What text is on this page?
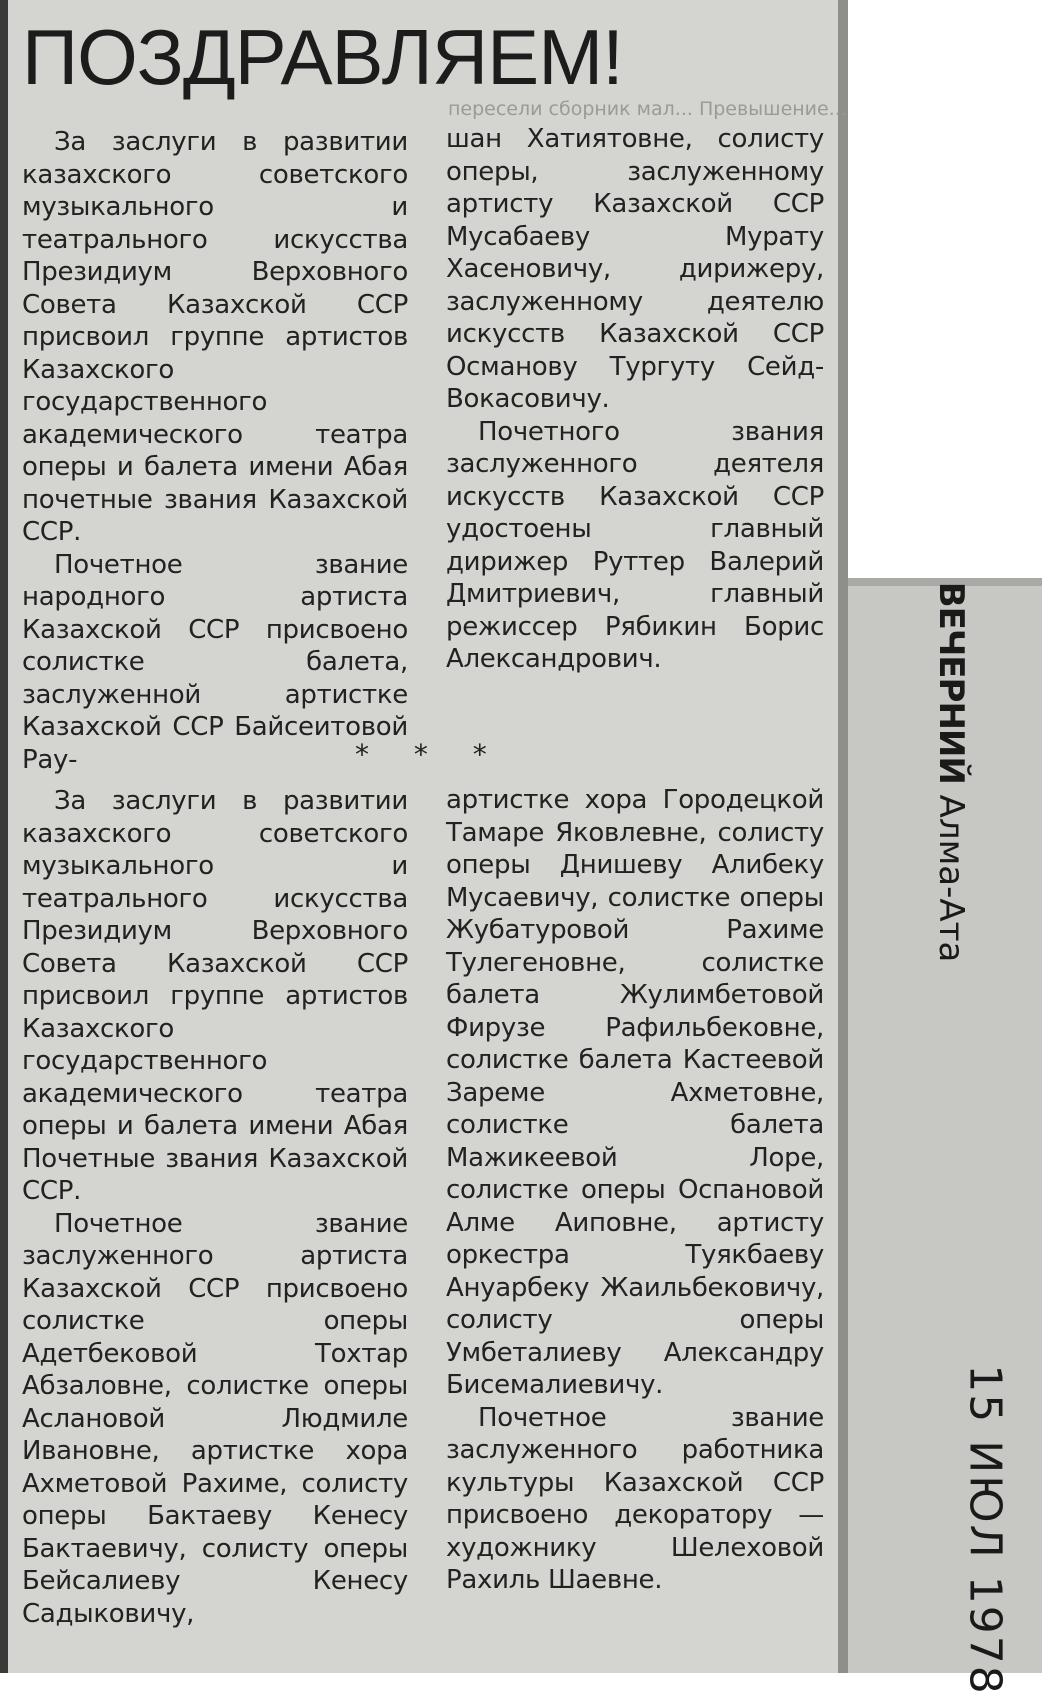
пересели сборник мал... Превышение...
ПОЗДРАВЛЯЕМ!

За заслуги в развитии казахского советского музыкального и театрального искусства Президиум Верховного Совета Казахской ССР присвоил группе артистов Казахского государственного академического театра оперы и балета имени Абая почетные звания Казахской ССР.

Почетное звание народного артиста Казахской ССР присвоено солистке балета, заслуженной артистке Казахской ССР Байсеитовой Рау-

шан Хатиятовне, солисту оперы, заслуженному артисту Казахской ССР Мусабаеву Мурату Хасеновичу, дирижеру, заслуженному деятелю искусств Казахской ССР Османову Тургуту Сейд-Вокасовичу.

Почетного звания заслуженного деятеля искусств Казахской ССР удостоены главный дирижер Руттер Валерий Дмитриевич, главный режиссер Рябикин Борис Александрович.

* * *

За заслуги в развитии казахского советского музыкального и театрального искусства Президиум Верховного Совета Казахской ССР присвоил группе артистов Казахского государственного академического театра оперы и балета имени Абая Почетные звания Казахской ССР.

Почетное звание заслуженного артиста Казахской ССР присвоено солистке оперы Адетбековой Тохтар Абзаловне, солистке оперы Аслановой Людмиле Ивановне, артистке хора Ахметовой Рахиме, солисту оперы Бактаеву Кенесу Бактаевичу, солисту оперы Бейсалиеву Кенесу Садыковичу,

артистке хора Городецкой Тамаре Яковлевне, солисту оперы Днишеву Алибеку Мусаевичу, солистке оперы Жубатуровой Рахиме Тулегеновне, солистке балета Жулимбетовой Фирузе Рафильбековне, солистке балета Кастеевой Зареме Ахметовне, солистке балета Мажикеевой Лоре, солистке оперы Оспановой Алме Аиповне, артисту оркестра Туякбаеву Ануарбеку Жаильбековичу, солисту оперы Умбеталиеву Александру Бисемалиевичу.

Почетное звание заслуженного работника культуры Казахской ССР присвоено декоратору —художнику Шелеховой Рахиль Шаевне.

ВЕЧЕРНИЙ Алма-Ата
15 ИЮЛ 1978
